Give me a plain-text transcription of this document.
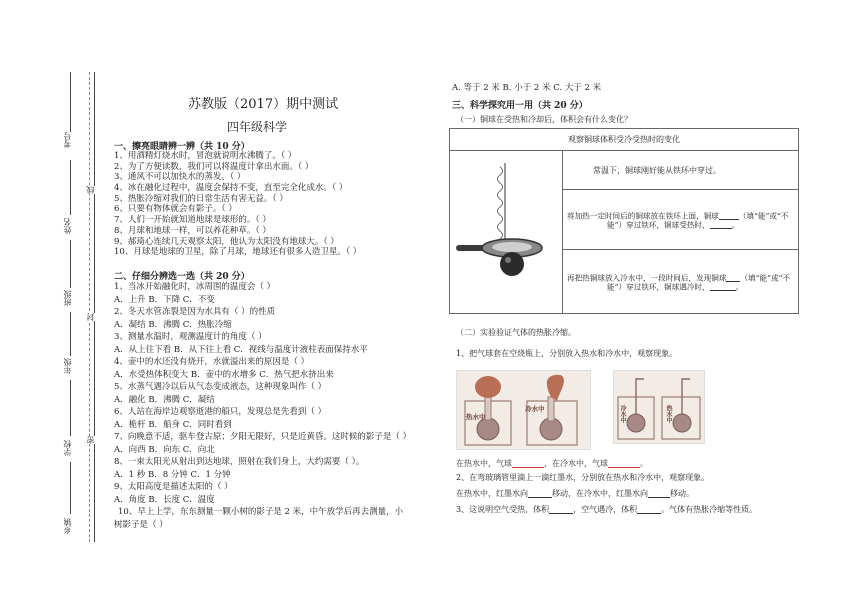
考号
姓名
班级
年级
学校
乡镇
线
封
密
苏教版（2017）期中测试
四年级科学
一、擦亮眼睛辨一辨（共 10 分）
1、用酒精灯烧水时，冒泡就说明水沸腾了。（ ）
2、为了方便读数，我们可以将温度计拿出水面。（ ）
3、通风不可以加快水的蒸发。（ ）
4、冰在融化过程中，温度会保持不变，直至完全化成水。（ ）
5、热胀冷缩对我们的日常生活有害无益。（ ）
6、只要有物体就会有影子。（ ）
7、人们一开始就知道地球是球形的。（ ）
8、月球和地球一样，可以养花种草。（ ）
9、郝琦心连续几天观察太阳，他认为太阳没有地球大。（ ）
10、月球是地球的卫星，除了月球，地球还有很多人造卫星。（ ）
二、仔细分辨选一选（共 20 分）
1、当冰开始融化时，冰周围的温度会（ ）
A．上升 B．下降 C．不变
2、冬天水管冻裂是因为水具有（ ）的性质
A．凝结 B．沸腾 C．热胀冷缩
3、测量水温时，观测温度计的角度（ ）
A．从上往下看 B．从下往上看 C．视线与温度计液柱表面保持水平
4、壶中的水还没有烧开，水就溢出来的原因是（ ）
A．水受热体积变大 B．壶中的水增多 C．热气把水挤出来
5、水蒸气遇冷以后从气态变成液态，这种现象叫作（ ）
A．融化 B．沸腾 C．凝结
6、人站在海岸边观察逝港的船只，发现总是先看到（ ）
A．桅杆 B．船身 C．同时看到
7、向晚意不适，驱车登古原；夕阳无限好，只是近黄昏。这时候的影子是（ ）
A．向西 B．向东 C．向北
8、一束太阳光从射出到达地球，照射在我们身上，大约需要（ ）。
A．1 秒 B．8 分钟 C．1 分钟
9、太阳高度是描述太阳的（ ）
A．角度 B．长度 C．温度
10、早上上学，东东测量一颗小树的影子是 2 米，中午放学后再去测量，小
树影子是（ ）
A. 等于 2 米 B. 小于 2 米 C. 大于 2 米
三、科学探究用一用（共 20 分）
（一）铜球在受热和冷却后，体积会有什么变化？
观察铜球体积受冷受热时的变化

	常温下，铜球刚好能从铁环中穿过。

将加热一定时间后的铜球放在铁环上面，铜球	（填“能”或“不
能”）穿过铁环，铜球受热时，	。

再把热铜球放入冷水中，一段时间后，发现铜球 （填“能”或“不
能”）穿过铁环，铜球遇冷时，	。
（二）实验验证气体的热胀冷缩。
1、把气球套在空烧瓶上，分别放入热水和冷水中，观察现象。
热水中
冷水中	冷水中	热水中
在热水中，气球	，在冷水中，气球	。
2、在弯玻璃管里滴上一滴红墨水，分别放在热水和冷水中，观察现象。
在热水中，红墨水向	移动，在冷水中，红墨水向	移动。
3、这说明空气受热，体积	，空气遇冷，体积	。气体有热胀冷缩等性质。
